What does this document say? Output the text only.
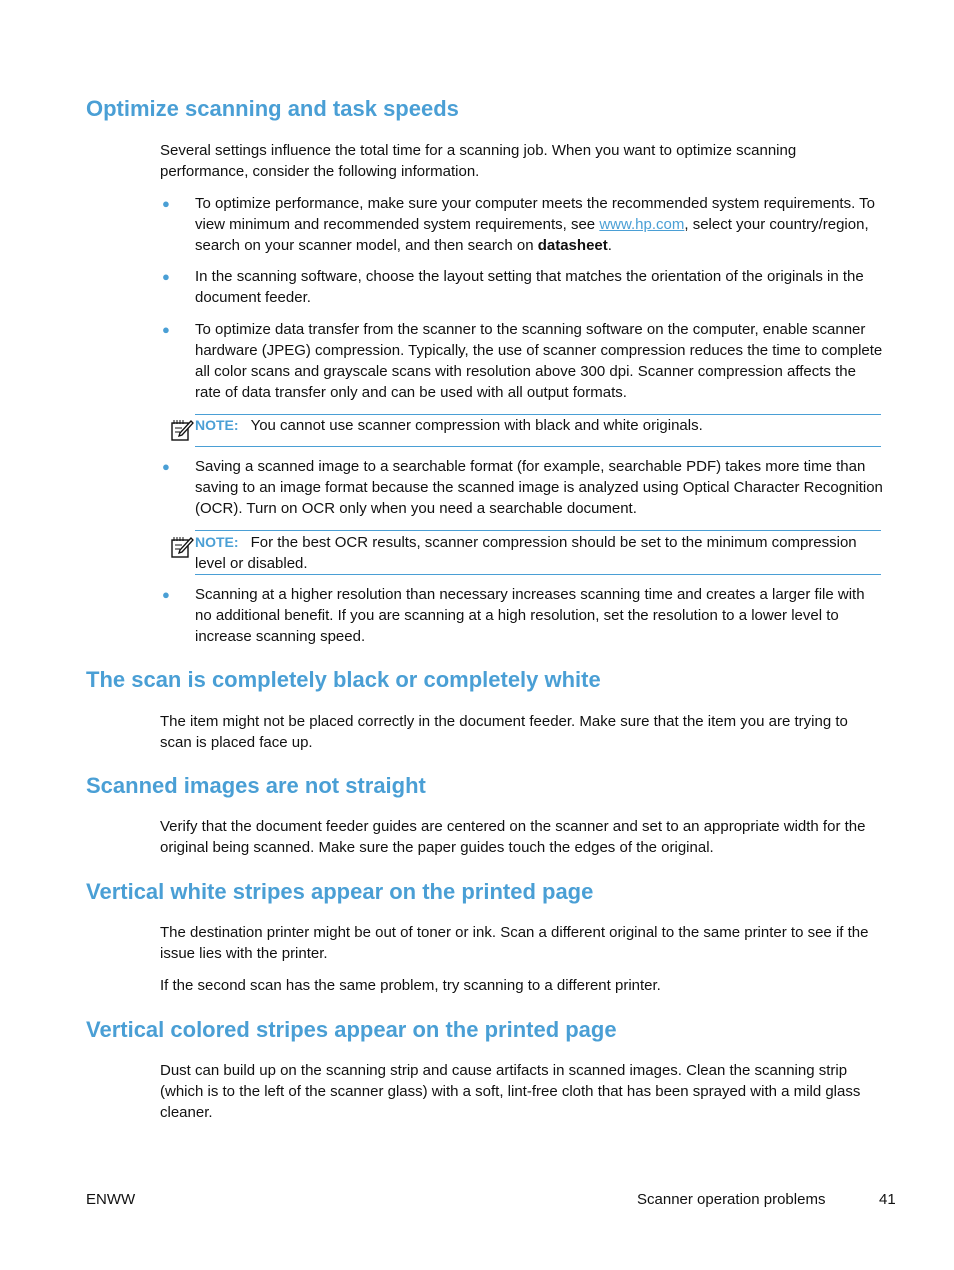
Optimize scanning and task speeds

Several settings influence the total time for a scanning job. When you want to optimize scanning performance, consider the following information.

● To optimize performance, make sure your computer meets the recommended system requirements. To view minimum and recommended system requirements, see www.hp.com, select your country/region, search on your scanner model, and then search on datasheet.

● In the scanning software, choose the layout setting that matches the orientation of the originals in the document feeder.

● To optimize data transfer from the scanner to the scanning software on the computer, enable scanner hardware (JPEG) compression. Typically, the use of scanner compression reduces the time to complete all color scans and grayscale scans with resolution above 300 dpi. Scanner compression affects the rate of data transfer only and can be used with all output formats.

NOTE: You cannot use scanner compression with black and white originals.

● Saving a scanned image to a searchable format (for example, searchable PDF) takes more time than saving to an image format because the scanned image is analyzed using Optical Character Recognition (OCR). Turn on OCR only when you need a searchable document.

NOTE: For the best OCR results, scanner compression should be set to the minimum compression level or disabled.

● Scanning at a higher resolution than necessary increases scanning time and creates a larger file with no additional benefit. If you are scanning at a high resolution, set the resolution to a lower level to increase scanning speed.

The scan is completely black or completely white

The item might not be placed correctly in the document feeder. Make sure that the item you are trying to scan is placed face up.

Scanned images are not straight

Verify that the document feeder guides are centered on the scanner and set to an appropriate width for the original being scanned. Make sure the paper guides touch the edges of the original.

Vertical white stripes appear on the printed page

The destination printer might be out of toner or ink. Scan a different original to the same printer to see if the issue lies with the printer.

If the second scan has the same problem, try scanning to a different printer.

Vertical colored stripes appear on the printed page

Dust can build up on the scanning strip and cause artifacts in scanned images. Clean the scanning strip (which is to the left of the scanner glass) with a soft, lint-free cloth that has been sprayed with a mild glass cleaner.

ENWW	Scanner operation problems	41
